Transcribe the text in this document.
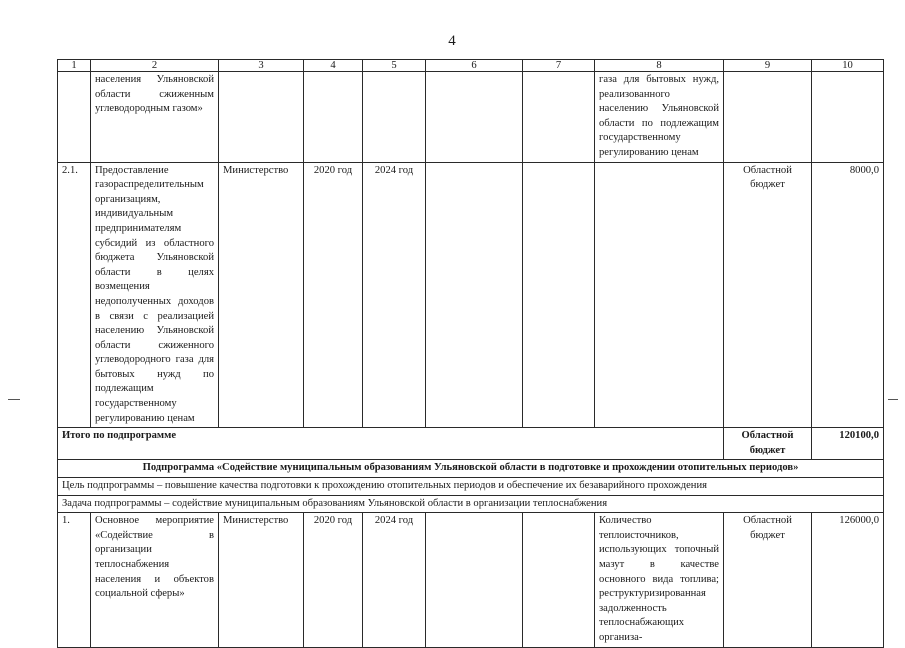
4
1	2	3	4	5	6	7	8	9	10
	населения Ульяновской области сжиженным углеводородным газом»						газа для бытовых нужд, реализованного населению Ульяновской области по подлежащим государственному регулированию ценам		
2.1.	Предоставление газораспределительным организациям, индивидуальным предпринимателям субсидий из областного бюджета Ульяновской области в целях возмещения недополученных доходов в связи с реализацией населению Ульяновской области сжиженного углеводородного газа для бытовых нужд по подлежащим государственному регулированию ценам	Министерство	2020 год	2024 год				Областной
бюджет	8000,0
Итого по подпрограмме								Областной
бюджет	120100,0
Подпрограмма «Содействие муниципальным образованиям Ульяновской области в подготовке и прохождении отопительных периодов»									
Цель подпрограммы – повышение качества подготовки к прохождению отопительных периодов и обеспечение их безаварийного прохождения									
Задача подпрограммы – содействие муниципальным образованиям Ульяновской области в организации теплоснабжения									
1.	Основное мероприятие «Содействие в организации теплоснабжения населения и объектов социальной сферы»	Министерство	2020 год	2024 год			Количество теплоисточников, использующих топочный мазут в качестве основного вида топлива; реструктуризированная задолженность теплоснабжающих организа-	Областной
бюджет	126000,0
